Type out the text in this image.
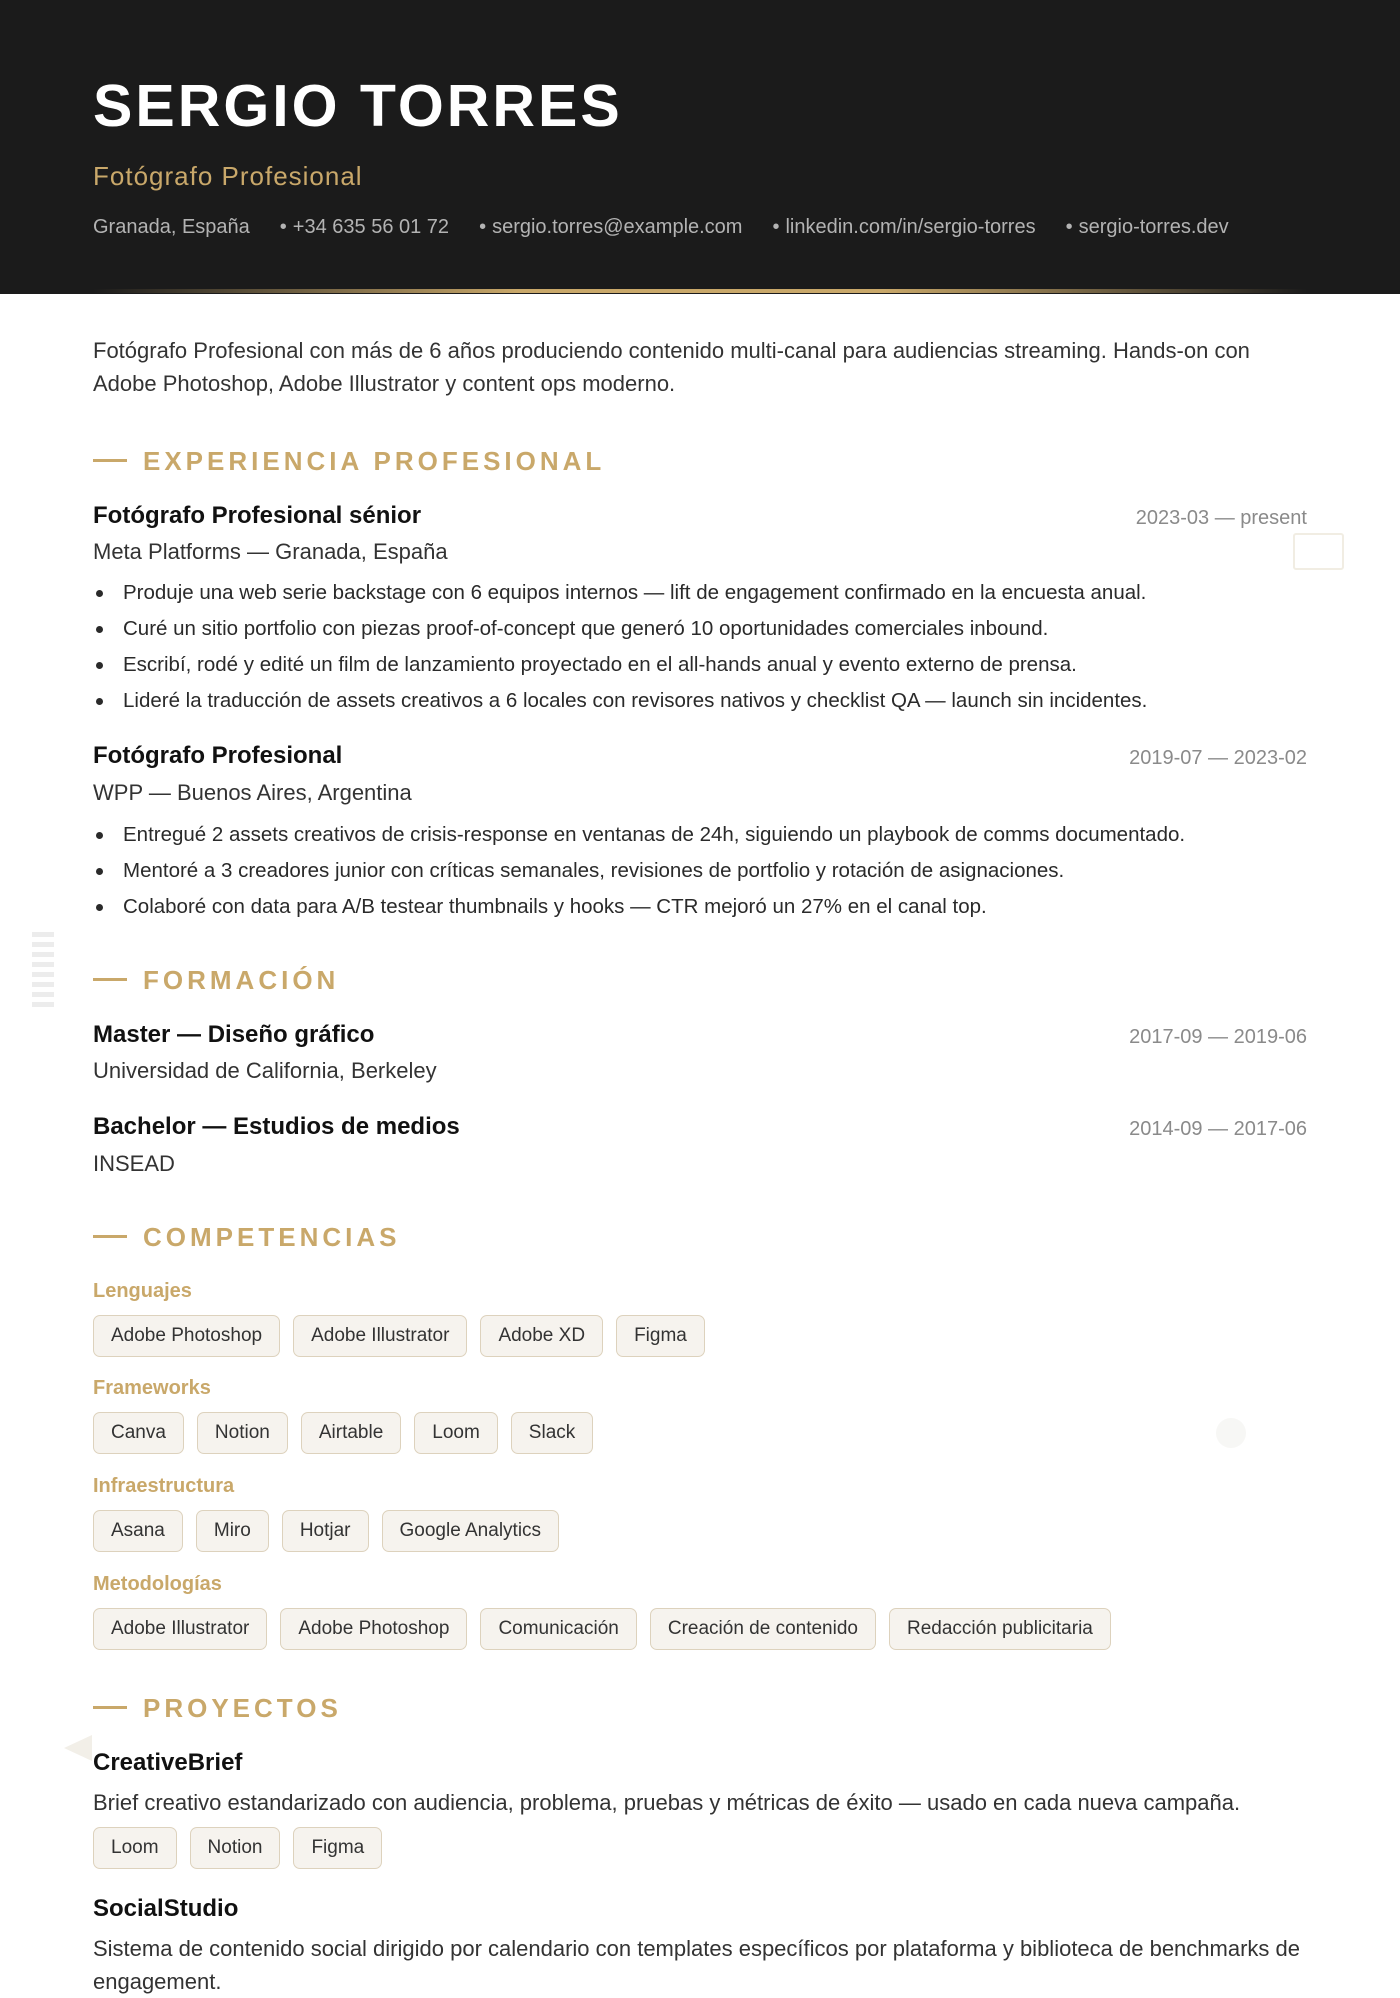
SERGIO TORRES
Fotógrafo Profesional
Granada, España	• +34 635 56 01 72	• sergio.torres@example.com	• linkedin.com/in/sergio-torres	• sergio-torres.dev

Fotógrafo Profesional con más de 6 años produciendo contenido multi-canal para audiencias streaming. Hands-on con Adobe Photoshop, Adobe Illustrator y content ops moderno.

EXPERIENCIA PROFESIONAL
Fotógrafo Profesional sénior	2023-03 — present
Meta Platforms — Granada, España
Produje una web serie backstage con 6 equipos internos — lift de engagement confirmado en la encuesta anual.
Curé un sitio portfolio con piezas proof-of-concept que generó 10 oportunidades comerciales inbound.
Escribí, rodé y edité un film de lanzamiento proyectado en el all-hands anual y evento externo de prensa.
Lideré la traducción de assets creativos a 6 locales con revisores nativos y checklist QA — launch sin incidentes.
Fotógrafo Profesional	2019-07 — 2023-02
WPP — Buenos Aires, Argentina
Entregué 2 assets creativos de crisis-response en ventanas de 24h, siguiendo un playbook de comms documentado.
Mentoré a 3 creadores junior con críticas semanales, revisiones de portfolio y rotación de asignaciones.
Colaboré con data para A/B testear thumbnails y hooks — CTR mejoró un 27% en el canal top.
FORMACIÓN
Master — Diseño gráfico	2017-09 — 2019-06
Universidad de California, Berkeley
Bachelor — Estudios de medios	2014-09 — 2017-06
INSEAD
COMPETENCIAS
Lenguajes
Adobe Photoshop	Adobe Illustrator	Adobe XD	Figma
Frameworks
Canva	Notion	Airtable	Loom	Slack
Infraestructura
Asana	Miro	Hotjar	Google Analytics
Metodologías
Adobe Illustrator	Adobe Photoshop	Comunicación	Creación de contenido	Redacción publicitaria
PROYECTOS
CreativeBrief

Brief creativo estandarizado con audiencia, problema, pruebas y métricas de éxito — usado en cada nueva campaña.

Loom	Notion	Figma
SocialStudio

Sistema de contenido social dirigido por calendario con templates específicos por plataforma y biblioteca de benchmarks de engagement.
